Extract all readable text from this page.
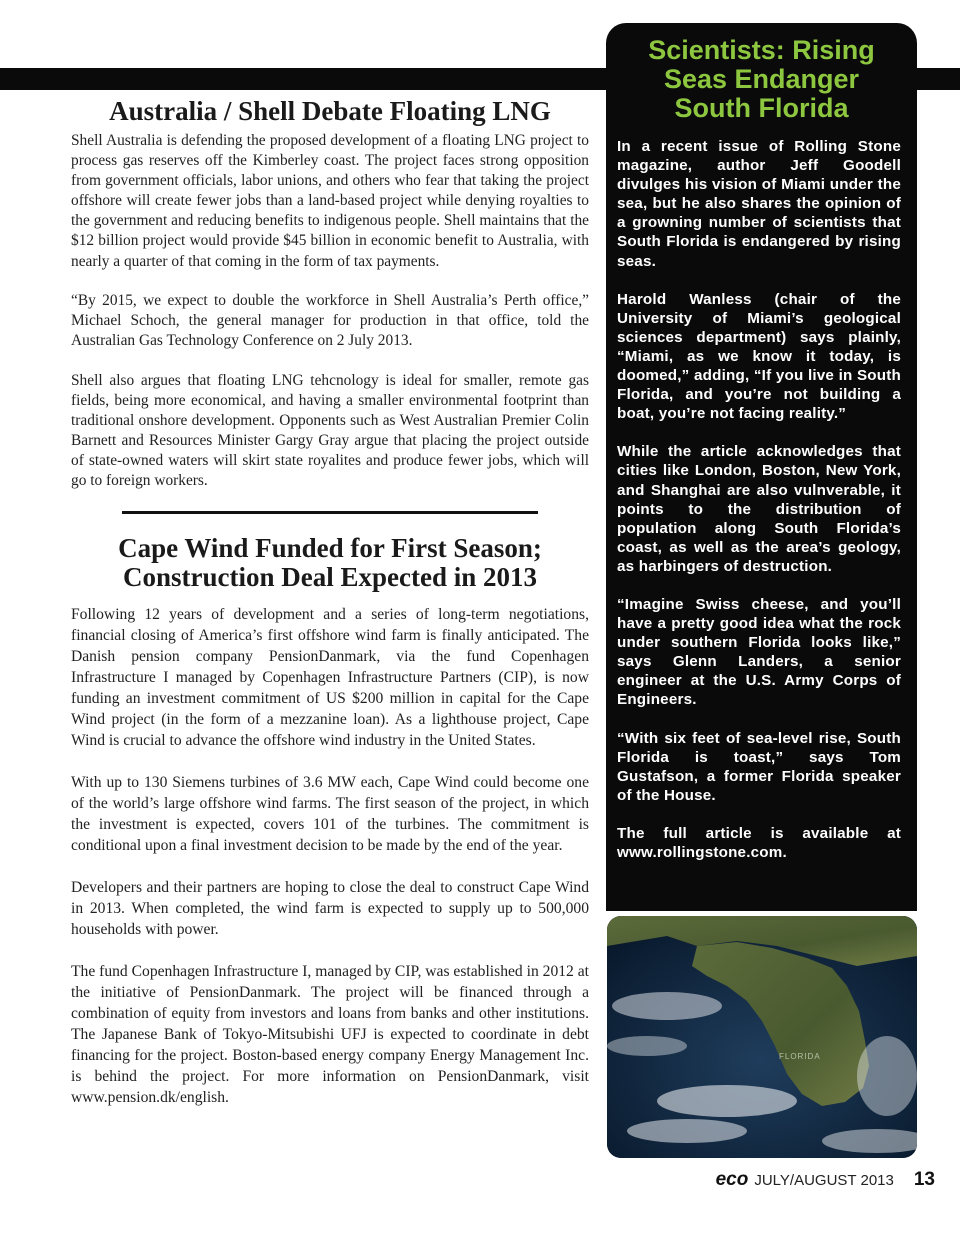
Australia / Shell Debate Floating LNG

Shell Australia is defending the proposed development of a floating LNG project to process gas reserves off the Kimberley coast. The project faces strong opposition from government officials, labor unions, and others who fear that taking the project offshore will create fewer jobs than a land-based project while denying royalties to the government and reducing benefits to indigenous people. Shell maintains that the $12 billion project would provide $45 billion in economic benefit to Australia, with nearly a quarter of that coming in the form of tax payments.

“By 2015, we expect to double the workforce in Shell Australia’s Perth office,” Michael Schoch, the general manager for production in that office, told the Australian Gas Technology Conference on 2 July 2013.

Shell also argues that floating LNG tehcnology is ideal for smaller, remote gas fields, being more economical, and having a smaller environmental footprint than traditional onshore development. Opponents such as West Australian Premier Colin Barnett and Resources Minister Gargy Gray argue that placing the project outside of state-owned waters will skirt state royalites and produce fewer jobs, which will go to foreign workers.

Cape Wind Funded for First Season;
Construction Deal Expected in 2013

Following 12 years of development and a series of long-term negotiations, financial closing of America’s first offshore wind farm is finally anticipated. The Danish pension company PensionDanmark, via the fund Copenhagen Infrastructure I managed by Copenhagen Infrastructure Partners (CIP), is now funding an investment commitment of US $200 million in capital for the Cape Wind project (in the form of a mezzanine loan). As a lighthouse project, Cape Wind is crucial to advance the offshore wind industry in the United States.

With up to 130 Siemens turbines of 3.6 MW each, Cape Wind could become one of the world’s large offshore wind farms. The first season of the project, in which the investment is expected, covers 101 of the turbines. The commitment is conditional upon a final investment decision to be made by the end of the year.

Developers and their partners are hoping to close the deal to construct Cape Wind in 2013. When completed, the wind farm is expected to supply up to 500,000 households with power.

The fund Copenhagen Infrastructure I, managed by CIP, was established in 2012 at the initiative of PensionDanmark. The project will be financed through a combination of equity from investors and loans from banks and other institutions. The Japanese Bank of Tokyo-Mitsubishi UFJ is expected to coordinate in debt financing for the project. Boston-based energy company Energy Management Inc. is behind the project. For more information on PensionDanmark, visit www.pension.dk/english.

Scientists: Rising
Seas Endanger
South Florida

In a recent issue of Rolling Stone magazine, author Jeff Goodell divulges his vision of Miami under the sea, but he also shares the opinion of a growning number of scientists that South Florida is endangered by rising seas.

Harold Wanless (chair of the University of Miami’s geological sciences department) says plainly, “Miami, as we know it today, is doomed,” adding, “If you live in South Florida, and you’re not building a boat, you’re not facing reality.”

While the article acknowledges that cities like London, Boston, New York, and Shanghai are also vulnverable, it points to the distribution of population along South Florida’s coast, as well as the area’s geology, as harbingers of destruction.

“Imagine Swiss cheese, and you’ll have a pretty good idea what the rock under southern Florida looks like,” says Glenn Landers, a senior engineer at the U.S. Army Corps of Engineers.

“With six feet of sea-level rise, South Florida is toast,” says Tom Gustafson, a former Florida speaker of the House.

The full article is available at www.rollingstone.com.

FLORIDA
eco JULY/AUGUST 2013 13
